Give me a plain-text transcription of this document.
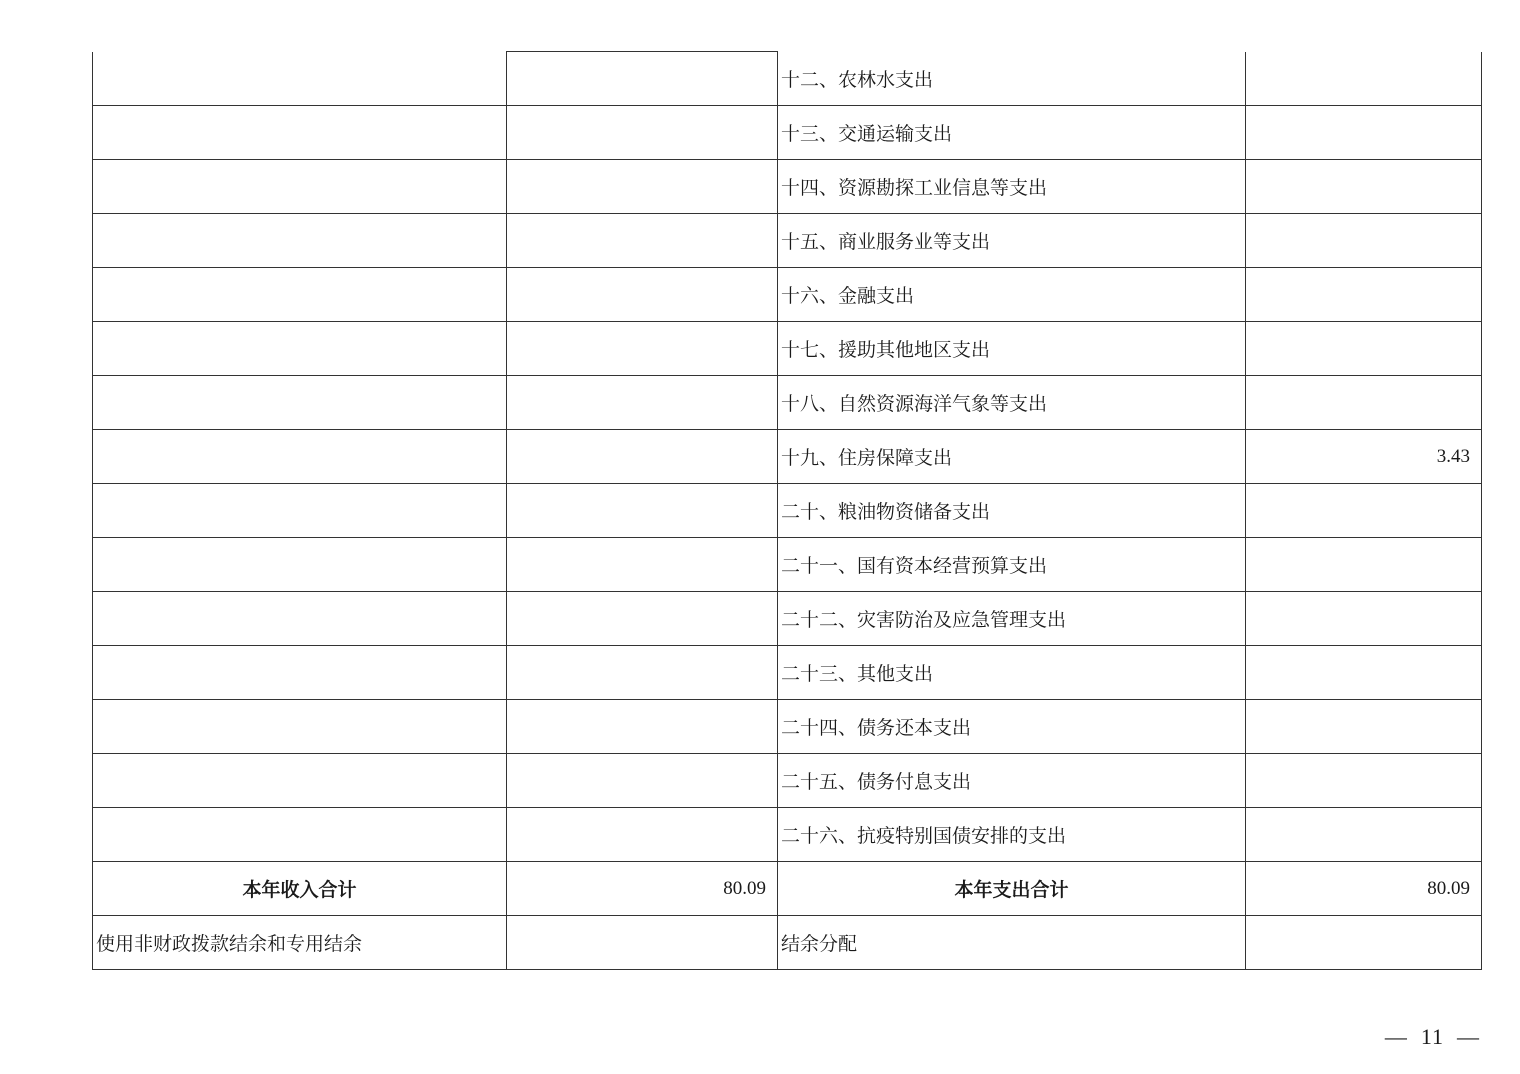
		十二、农林水支出	
		十三、交通运输支出	
		十四、资源勘探工业信息等支出	
		十五、商业服务业等支出	
		十六、金融支出	
		十七、援助其他地区支出	
		十八、自然资源海洋气象等支出	
		十九、住房保障支出	3.43
		二十、粮油物资储备支出	
		二十一、国有资本经营预算支出	
		二十二、灾害防治及应急管理支出	
		二十三、其他支出	
		二十四、债务还本支出	
		二十五、债务付息支出	
		二十六、抗疫特别国债安排的支出	
本年收入合计	80.09	本年支出合计	80.09
使用非财政拨款结余和专用结余		结余分配	
—  11  —
